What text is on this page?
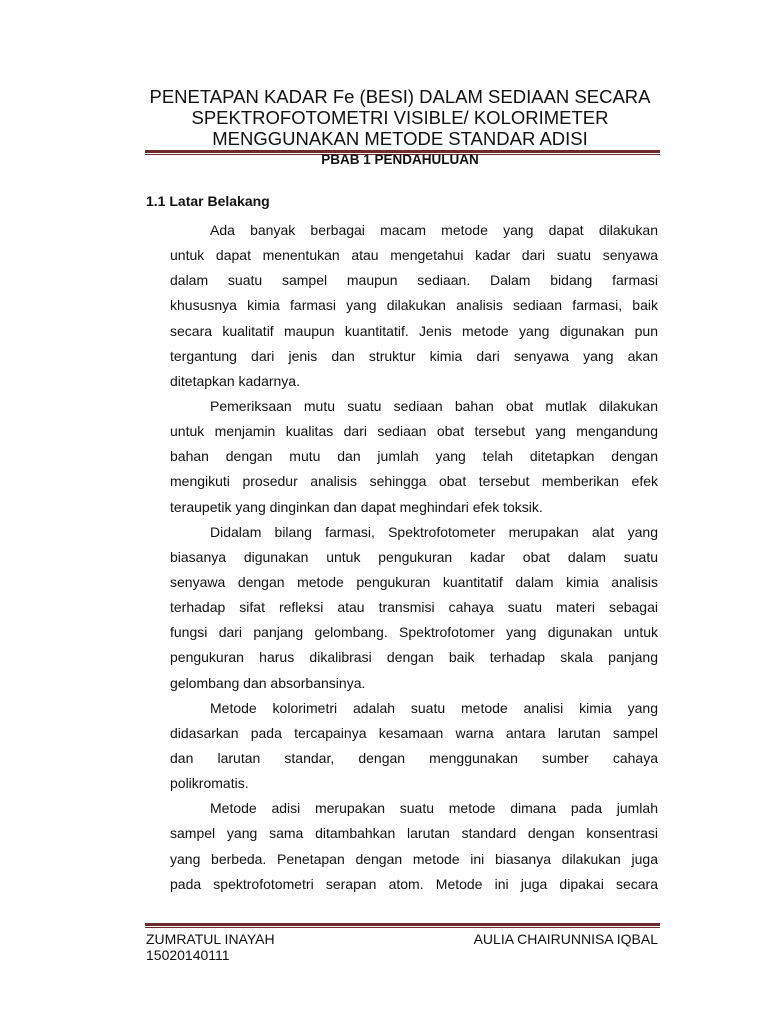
PENETAPAN KADAR Fe (BESI) DALAM SEDIAAN SECARA
SPEKTROFOTOMETRI VISIBLE/ KOLORIMETER
MENGGUNAKAN METODE STANDAR ADISI
PBAB 1 PENDAHULUAN
1.1 Latar Belakang
Ada banyak berbagai macam metode yang dapat dilakukan
untuk dapat menentukan atau mengetahui kadar dari suatu senyawa
dalam suatu sampel maupun sediaan. Dalam bidang farmasi
khususnya kimia farmasi yang dilakukan analisis sediaan farmasi, baik
secara kualitatif maupun kuantitatif. Jenis metode yang digunakan pun
tergantung dari jenis dan struktur kimia dari senyawa yang akan
ditetapkan kadarnya.
Pemeriksaan mutu suatu sediaan bahan obat mutlak dilakukan
untuk menjamin kualitas dari sediaan obat tersebut yang mengandung
bahan dengan mutu dan jumlah yang telah ditetapkan dengan
mengikuti prosedur analisis sehingga obat tersebut memberikan efek
teraupetik yang dinginkan dan dapat meghindari efek toksik.
Didalam bilang farmasi, Spektrofotometer merupakan alat yang
biasanya digunakan untuk pengukuran kadar obat dalam suatu
senyawa dengan metode pengukuran kuantitatif dalam kimia analisis
terhadap sifat refleksi atau transmisi cahaya suatu materi sebagai
fungsi dari panjang gelombang. Spektrofotomer yang digunakan untuk
pengukuran harus dikalibrasi dengan baik terhadap skala panjang
gelombang dan absorbansinya.
Metode kolorimetri adalah suatu metode analisi kimia yang
didasarkan pada tercapainya kesamaan warna antara larutan sampel
dan larutan standar, dengan menggunakan sumber cahaya
polikromatis.
Metode adisi merupakan suatu metode dimana pada jumlah
sampel yang sama ditambahkan larutan standard dengan konsentrasi
yang berbeda. Penetapan dengan metode ini biasanya dilakukan juga
pada spektrofotometri serapan atom. Metode ini juga dipakai secara
ZUMRATUL INAYAH
15020140111
AULIA CHAIRUNNISA IQBAL
